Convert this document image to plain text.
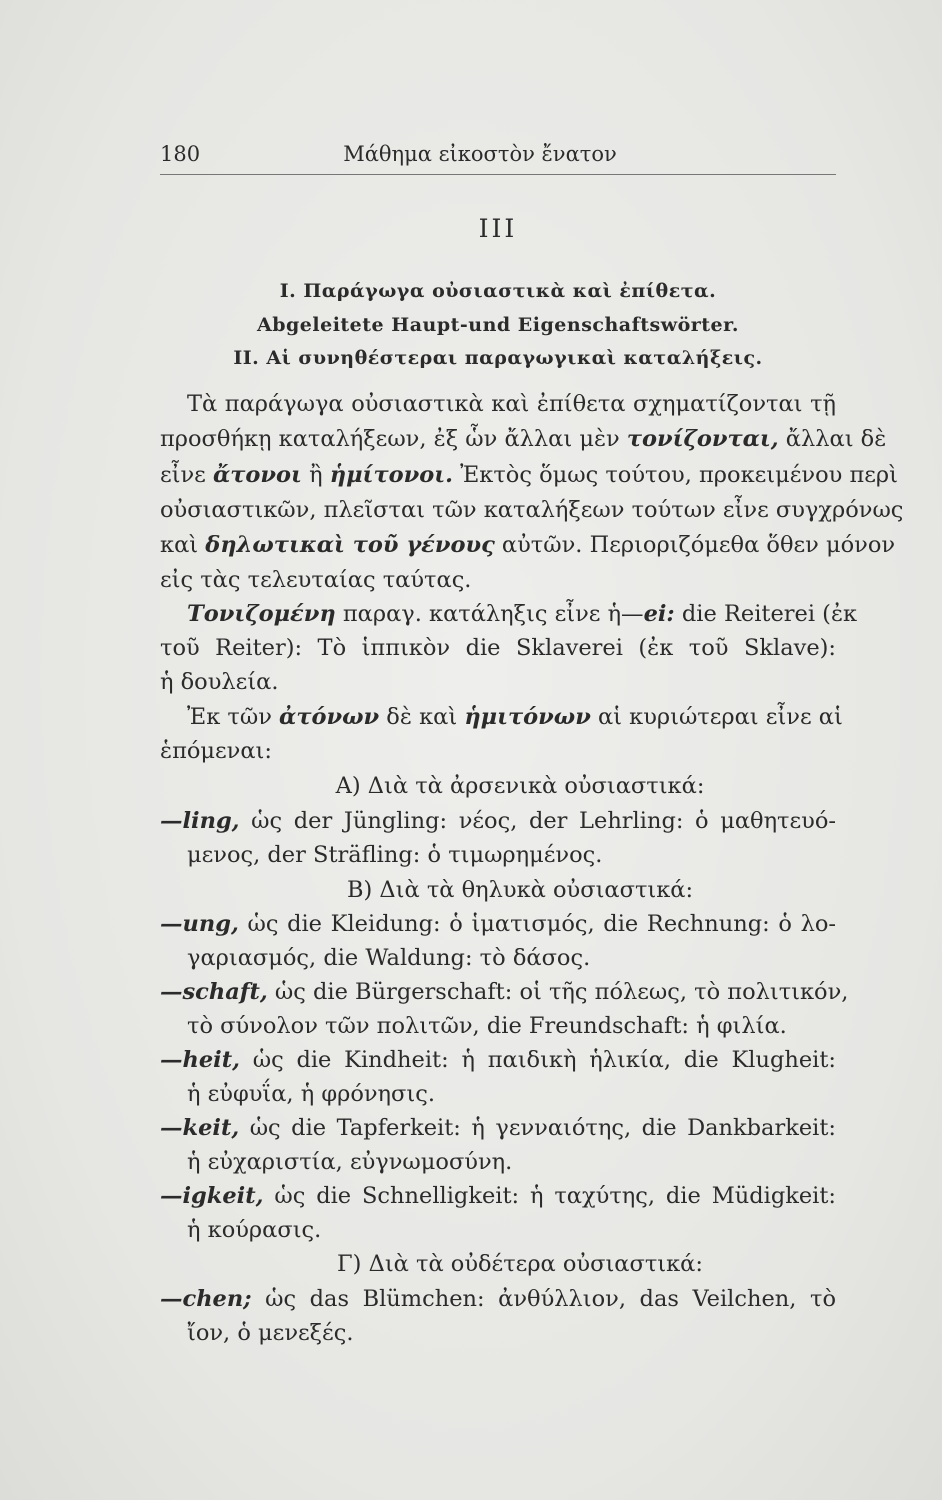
180	Μάθημα εἰκοστὸν ἔνατον
III
I. Παράγωγα οὐσιαστικὰ καὶ ἐπίθετα.
Abgeleitete Haupt-und Eigenschaftswörter.
II. Αἱ συνηθέστεραι παραγωγικαὶ καταλήξεις.
Τὰ παράγωγα οὐσιαστικὰ καὶ ἐπίθετα σχηματίζονται τῇ
προσθήκῃ καταλήξεων, ἐξ ὧν ἄλλαι μὲν τονίζονται, ἄλλαι δὲ
εἶνε ἄτονοι ἢ ἡμίτονοι. Ἐκτὸς ὅμως τούτου, προκειμένου περὶ
οὐσιαστικῶν, πλεῖσται τῶν καταλήξεων τούτων εἶνε συγχρόνως
καὶ δηλωτικαὶ τοῦ γένους αὐτῶν. Περιοριζόμεθα ὅθεν μόνον
εἰς τὰς τελευταίας ταύτας.
Τονιζομένη παραγ. κατάληξις εἶνε ἡ—ei: die Reiterei (ἐκ
τοῦ Reiter): Τὸ ἱππικὸν die Sklaverei (ἐκ τοῦ Sklave):
ἡ δουλεία.
Ἐκ τῶν ἀτόνων δὲ καὶ ἡμιτόνων αἱ κυριώτεραι εἶνε αἱ
ἑπόμεναι:
Α) Διὰ τὰ ἀρσενικὰ οὐσιαστικά:
—ling, ὡς der Jüngling: νέος, der Lehrling: ὁ μαθητευό-
μενος, der Sträfling: ὁ τιμωρημένος.
Β) Διὰ τὰ θηλυκὰ οὐσιαστικά:
—ung, ὡς die Kleidung: ὁ ἱματισμός, die Rechnung: ὁ λο-
γαριασμός, die Waldung: τὸ δάσος.
—schaft, ὡς die Bürgerschaft: οἱ τῆς πόλεως, τὸ πολιτικόν,
τὸ σύνολον τῶν πολιτῶν, die Freundschaft: ἡ φιλία.
—heit, ὡς die Kindheit: ἡ παιδικὴ ἡλικία, die Klugheit:
ἡ εὐφυΐα, ἡ φρόνησις.
—keit, ὡς die Tapferkeit: ἡ γενναιότης, die Dankbarkeit:
ἡ εὐχαριστία, εὐγνωμοσύνη.
—igkeit, ὡς die Schnelligkeit: ἡ ταχύτης, die Müdigkeit:
ἡ κούρασις.
Γ) Διὰ τὰ οὐδέτερα οὐσιαστικά:
—chen; ὡς das Blümchen: ἀνθύλλιον, das Veilchen, τὸ
ἴον, ὁ μενεξές.
